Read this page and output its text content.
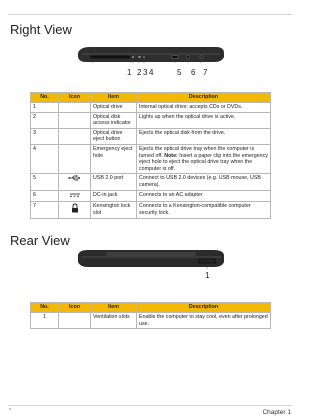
Right View
1 2 3 4	5 6 7
No.	Icon	Item	Description
1		Optical drive	Internal optical drive; accepts CDs or DVDs.
2		Optical disk access indicator	Lights up when the optical drive is active.
3		Optical drive eject button	Ejects the optical disk from the drive.
4		Emergency eject hole	Ejects the optical drive tray when the computer is turned off. Note: Insert a paper clip into the emergency eject hole to eject the optical drive tray when the computer is off.
5		USB 2.0 port	Connect to USB 2.0 devices (e.g. USB mouse, USB camera).
6		DC-in jack	Connects to an AC adapter
7		Kensington lock slot	Connects to a Kensington-compatible computer security lock.
Rear View
1
No.	Icon	Item	Description
1		Ventilation slots	Enable the computer to stay cool, even after prolonged use.
*	Chapter 1
